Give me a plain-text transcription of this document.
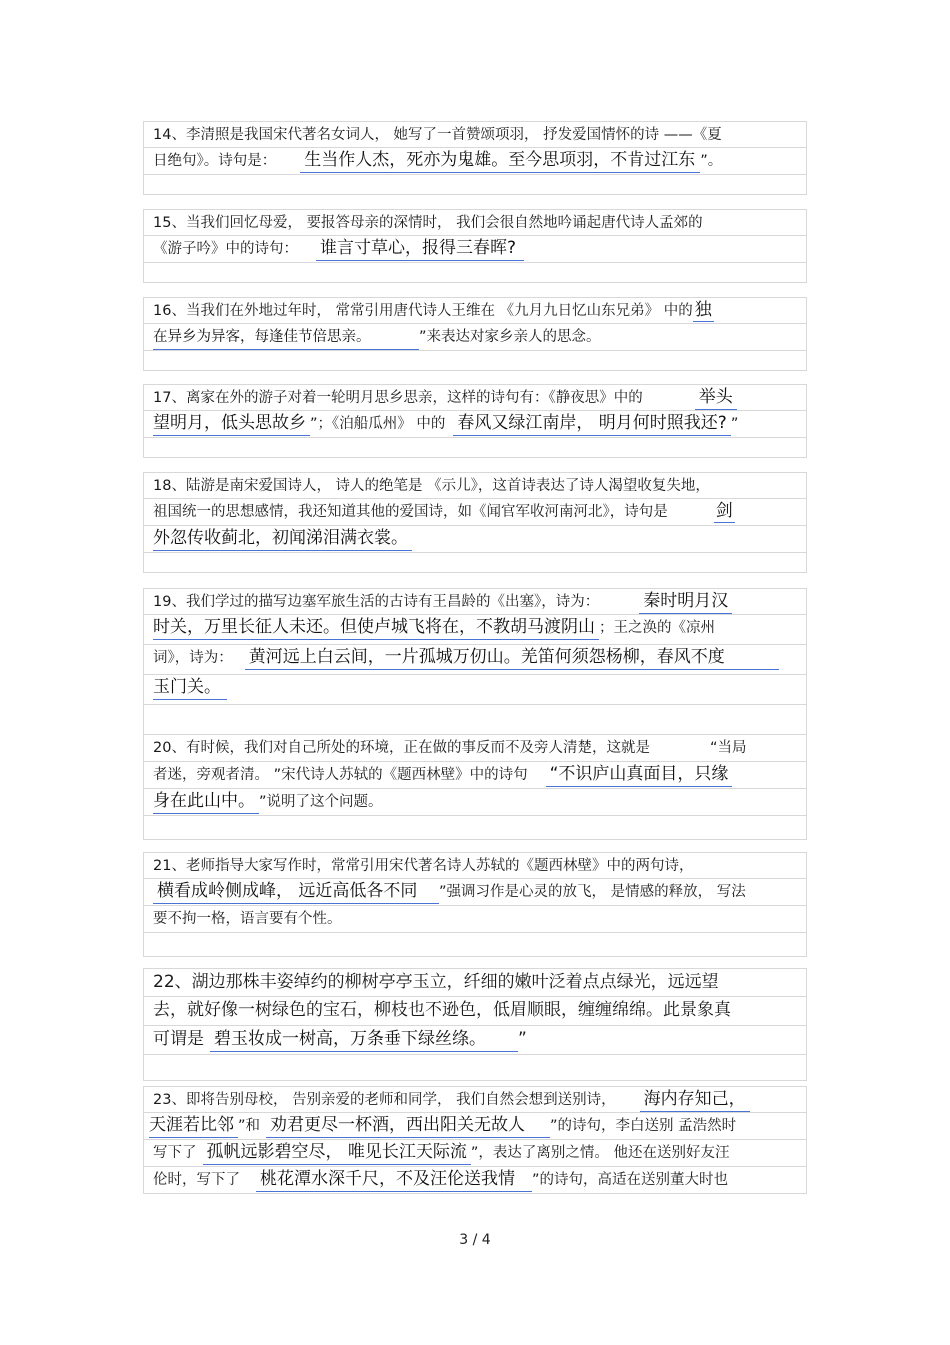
14、李清照是我国宋代著名女词人， 她写了一首赞颂项羽， 抒发爱国情怀的诗 ——《夏
日绝句》。诗句是： 生当作人杰，死亦为鬼雄。至今思项羽，不肯过江东 ”。
15、当我们回忆母爱， 要报答母亲的深情时， 我们会很自然地吟诵起唐代诗人孟郊的
《游子吟》中的诗句： 谁言寸草心，报得三春晖?
16、当我们在外地过年时， 常常引用唐代诗人王维在 《九月九日忆山东兄弟》 中的 独
在异乡为异客，每逢佳节倍思亲。	”来表达对家乡亲人的思念。
17、离家在外的游子对着一轮明月思乡思亲，这样的诗句有：《静夜思》中的	举头
望明月，低头思故乡 ”；《泊船瓜州》 中的 春风又绿江南岸， 明月何时照我还? ”
18、陆游是南宋爱国诗人， 诗人的绝笔是 《示儿》，这首诗表达了诗人渴望收复失地，
祖国统一的思想感情，我还知道其他的爱国诗，如《闻官军收河南河北》，诗句是	剑
外忽传收蓟北，初闻涕泪满衣裳。
19、我们学过的描写边塞军旅生活的古诗有王昌龄的《出塞》，诗为：	秦时明月汉
时关，万里长征人未还。但使卢城飞将在，不教胡马渡阴山 ；王之涣的《凉州
词》，诗为： 黄河远上白云间，一片孤城万仞山。羌笛何须怨杨柳，春风不度
玉门关。
20、有时候，我们对自己所处的环境，正在做的事反而不及旁人清楚，这就是	“当局
者迷，旁观者清。 ”宋代诗人苏轼的《题西林壁》中的诗句 “不识庐山真面目，只缘
身在此山中。 ”说明了这个问题。
21、老师指导大家写作时，常常引用宋代著名诗人苏轼的《题西林壁》中的两句诗，
横看成岭侧成峰， 远近高低各不同 ”强调习作是心灵的放飞， 是情感的释放， 写法
要不拘一格，语言要有个性。
22、湖边那株丰姿绰约的柳树亭亭玉立，纤细的嫩叶泛着点点绿光，远远望
去，就好像一树绿色的宝石，柳枝也不逊色，低眉顺眼，缠缠绵绵。此景象真
可谓是 碧玉妆成一树高，万条垂下绿丝绦。 ”
23、即将告别母校， 告别亲爱的老师和同学， 我们自然会想到送别诗， 海内存知己，
天涯若比邻 ”和 劝君更尽一杯酒，西出阳关无故人 ”的诗句，李白送别 孟浩然时
写下了 孤帆远影碧空尽， 唯见长江天际流 ”，表达了离别之情。 他还在送别好友汪
伦时，写下了 桃花潭水深千尺，不及汪伦送我情 ”的诗句，高适在送别董大时也
3 / 4
